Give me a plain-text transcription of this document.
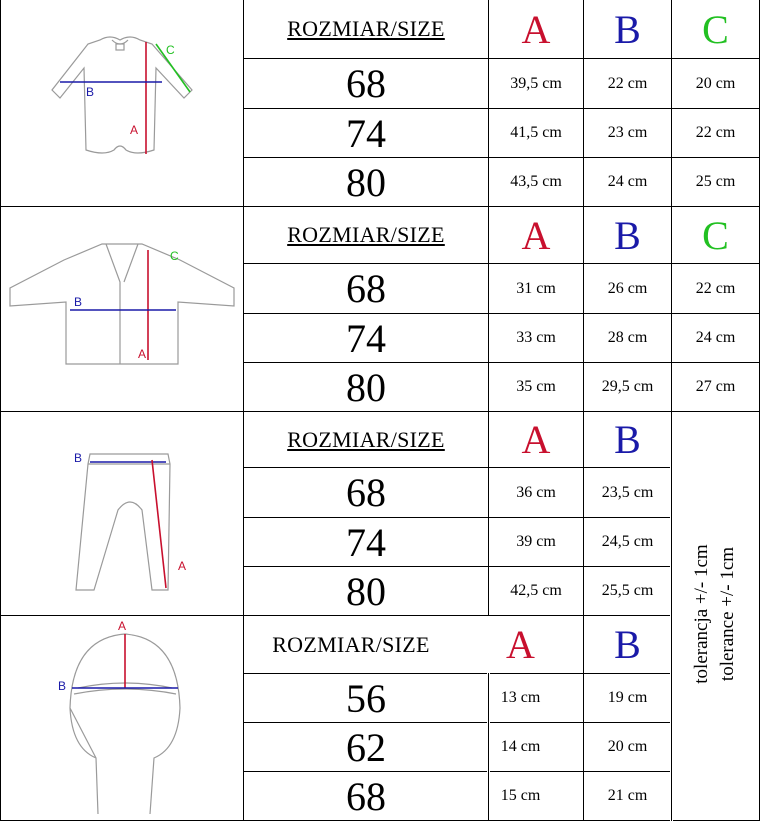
ROZMIAR/SIZE	A	B	C
68	39,5 cm	22 cm	20 cm
74	41,5 cm	23 cm	22 cm
80	43,5 cm	24 cm	25 cm
ROZMIAR/SIZE	A	B	C
68	31 cm	26 cm	22 cm
74	33 cm	28 cm	24 cm
80	35 cm	29,5 cm	27 cm
ROZMIAR/SIZE	A	B
68	36 cm	23,5 cm
74	39 cm	24,5 cm
80	42,5 cm	25,5 cm
ROZMIAR/SIZE	A	B
56	13 cm	19 cm
62	14 cm	20 cm
68	15 cm	21 cm
tolerancja +/- 1cm tolerance +/- 1cm
A
B
C
A
B
C
A
B
A
B
